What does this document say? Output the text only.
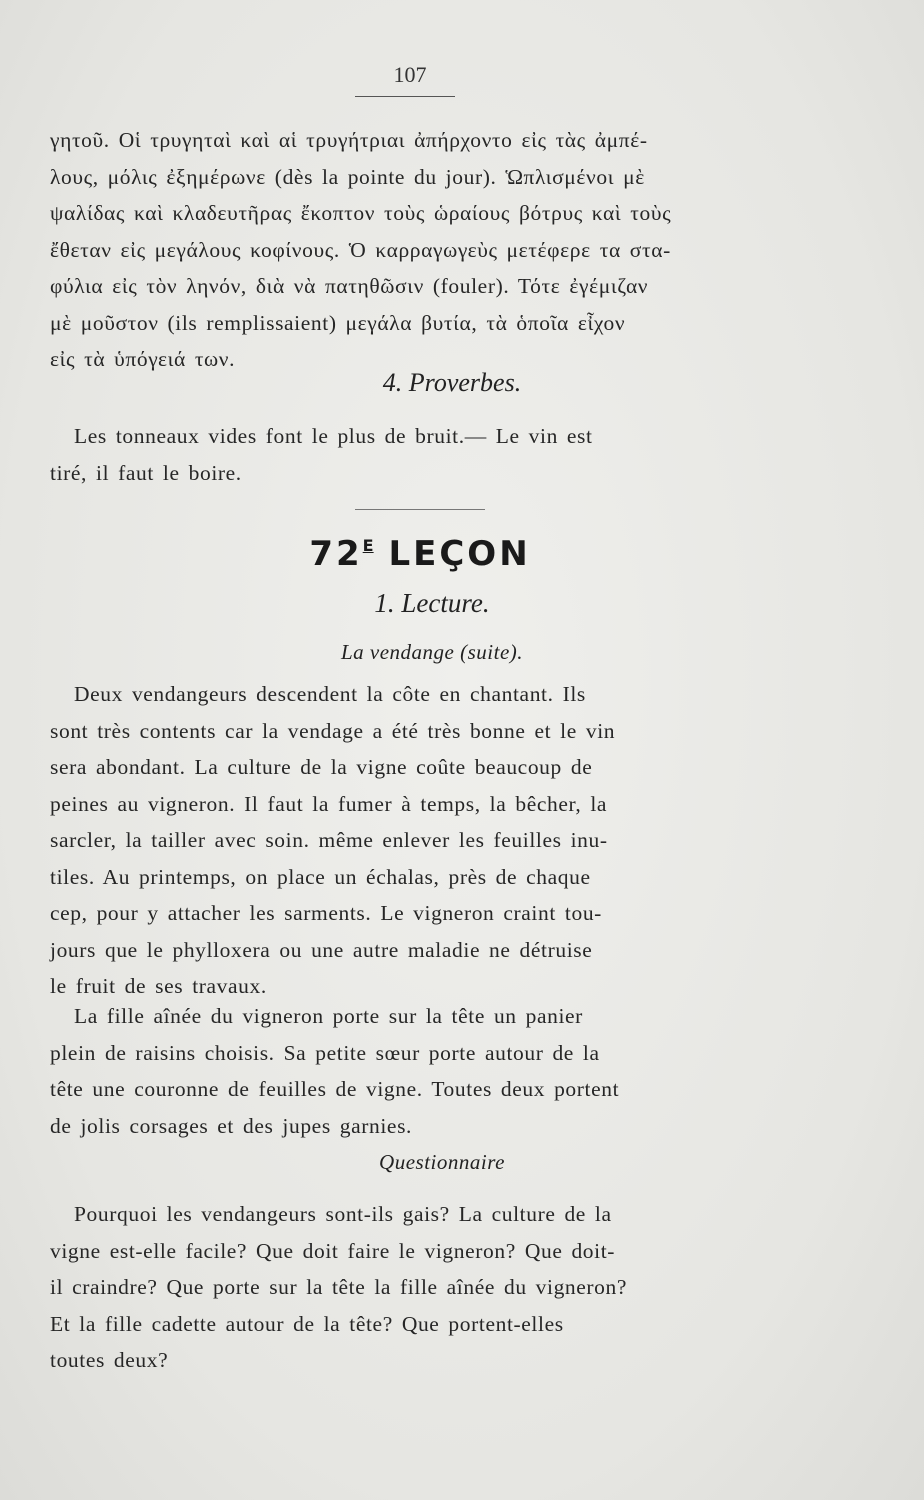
107
γητοῦ. Οἱ τρυγηταὶ καὶ αἱ τρυγήτριαι ἀπήρχοντο εἰς τὰς ἀμπέ-
λους, μόλις ἐξημέρωνε (dès la pointe du jour). Ὡπλισμένοι μὲ
ψαλίδας καὶ κλαδευτῆρας ἔκοπτον τοὺς ὡραίους βότρυς καὶ τοὺς
ἔθεταν εἰς μεγάλους κοφίνους. Ὁ καρραγωγεὺς μετέφερε τα στα-
φύλια εἰς τὸν ληνόν, διὰ νὰ πατηθῶσιν (fouler). Τότε ἐγέμιζαν
μὲ μοῦστον (ils remplissaient) μεγάλα βυτία, τὰ ὁποῖα εἶχον
εἰς τὰ ὑπόγειά των.
4. Proverbes.
Les tonneaux vides font le plus de bruit.— Le vin est
tiré, il faut le boire.
$72^E$ LEÇON
1. Lecture.
La vendange (suite).
Deux vendangeurs descendent la côte en chantant. Ils
sont très contents car la vendage a été très bonne et le vin
sera abondant. La culture de la vigne coûte beaucoup de
peines au vigneron. Il faut la fumer à temps, la bêcher, la
sarcler, la tailler avec soin. même enlever les feuilles inu-
tiles. Au printemps, on place un échalas, près de chaque
cep, pour y attacher les sarments. Le vigneron craint tou-
jours que le phylloxera ou une autre maladie ne détruise
le fruit de ses travaux.
La fille aînée du vigneron porte sur la tête un panier
plein de raisins choisis. Sa petite sœur porte autour de la
tête une couronne de feuilles de vigne. Toutes deux portent
de jolis corsages et des jupes garnies.
Questionnaire
Pourquoi les vendangeurs sont-ils gais? La culture de la
vigne est-elle facile? Que doit faire le vigneron? Que doit-
il craindre? Que porte sur la tête la fille aînée du vigneron?
Et la fille cadette autour de la tête? Que portent-elles
toutes deux?
